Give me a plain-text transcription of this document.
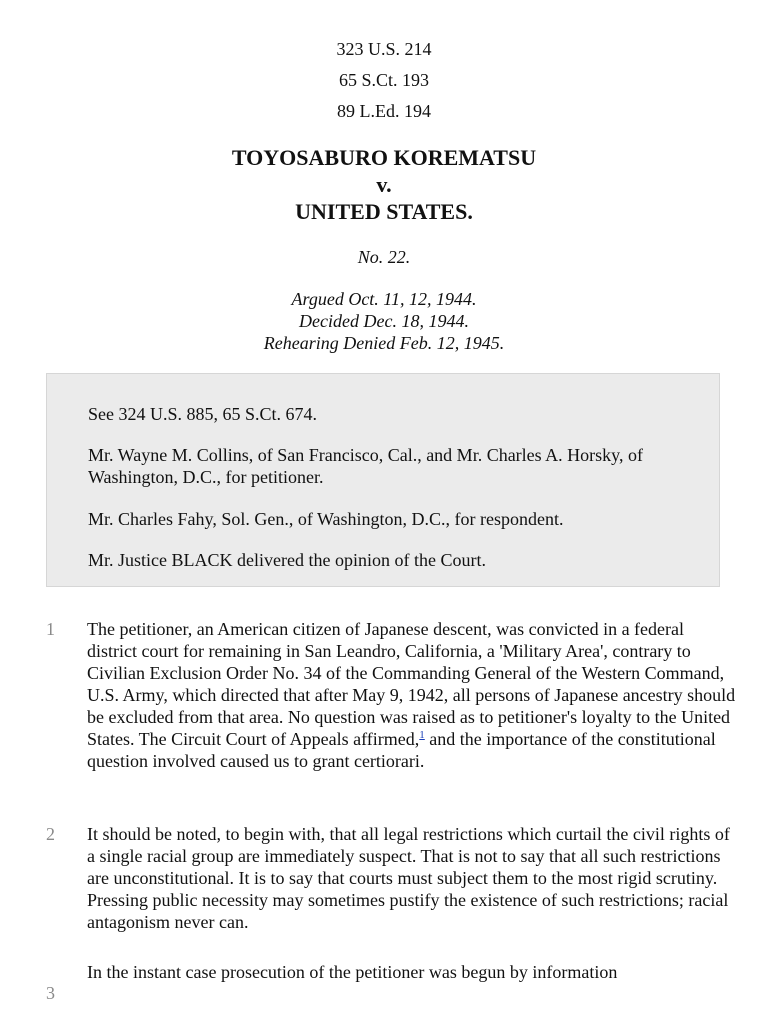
323 U.S. 214
65 S.Ct. 193
89 L.Ed. 194
TOYOSABURO KOREMATSU
v.
UNITED STATES.
No. 22.
Argued Oct. 11, 12, 1944.
Decided Dec. 18, 1944.
Rehearing Denied Feb. 12, 1945.

See 324 U.S. 885, 65 S.Ct. 674.

Mr. Wayne M. Collins, of San Francisco, Cal., and Mr. Charles A. Horsky, of Washington, D.C., for petitioner.

Mr. Charles Fahy, Sol. Gen., of Washington, D.C., for respondent.

Mr. Justice BLACK delivered the opinion of the Court.

1 The petitioner, an American citizen of Japanese descent, was convicted in a federal district court for remaining in San Leandro, California, a 'Military Area', contrary to Civilian Exclusion Order No. 34 of the Commanding General of the Western Command, U.S. Army, which directed that after May 9, 1942, all persons of Japanese ancestry should be excluded from that area. No question was raised as to petitioner's loyalty to the United States. The Circuit Court of Appeals affirmed,$^1$ and the importance of the constitutional question involved caused us to grant certiorari.

2 It should be noted, to begin with, that all legal restrictions which curtail the civil rights of a single racial group are immediately suspect. That is not to say that all such restrictions are unconstitutional. It is to say that courts must subject them to the most rigid scrutiny. Pressing public necessity may sometimes pustify the existence of such restrictions; racial antagonism never can.

3

In the instant case prosecution of the petitioner was begun by information
